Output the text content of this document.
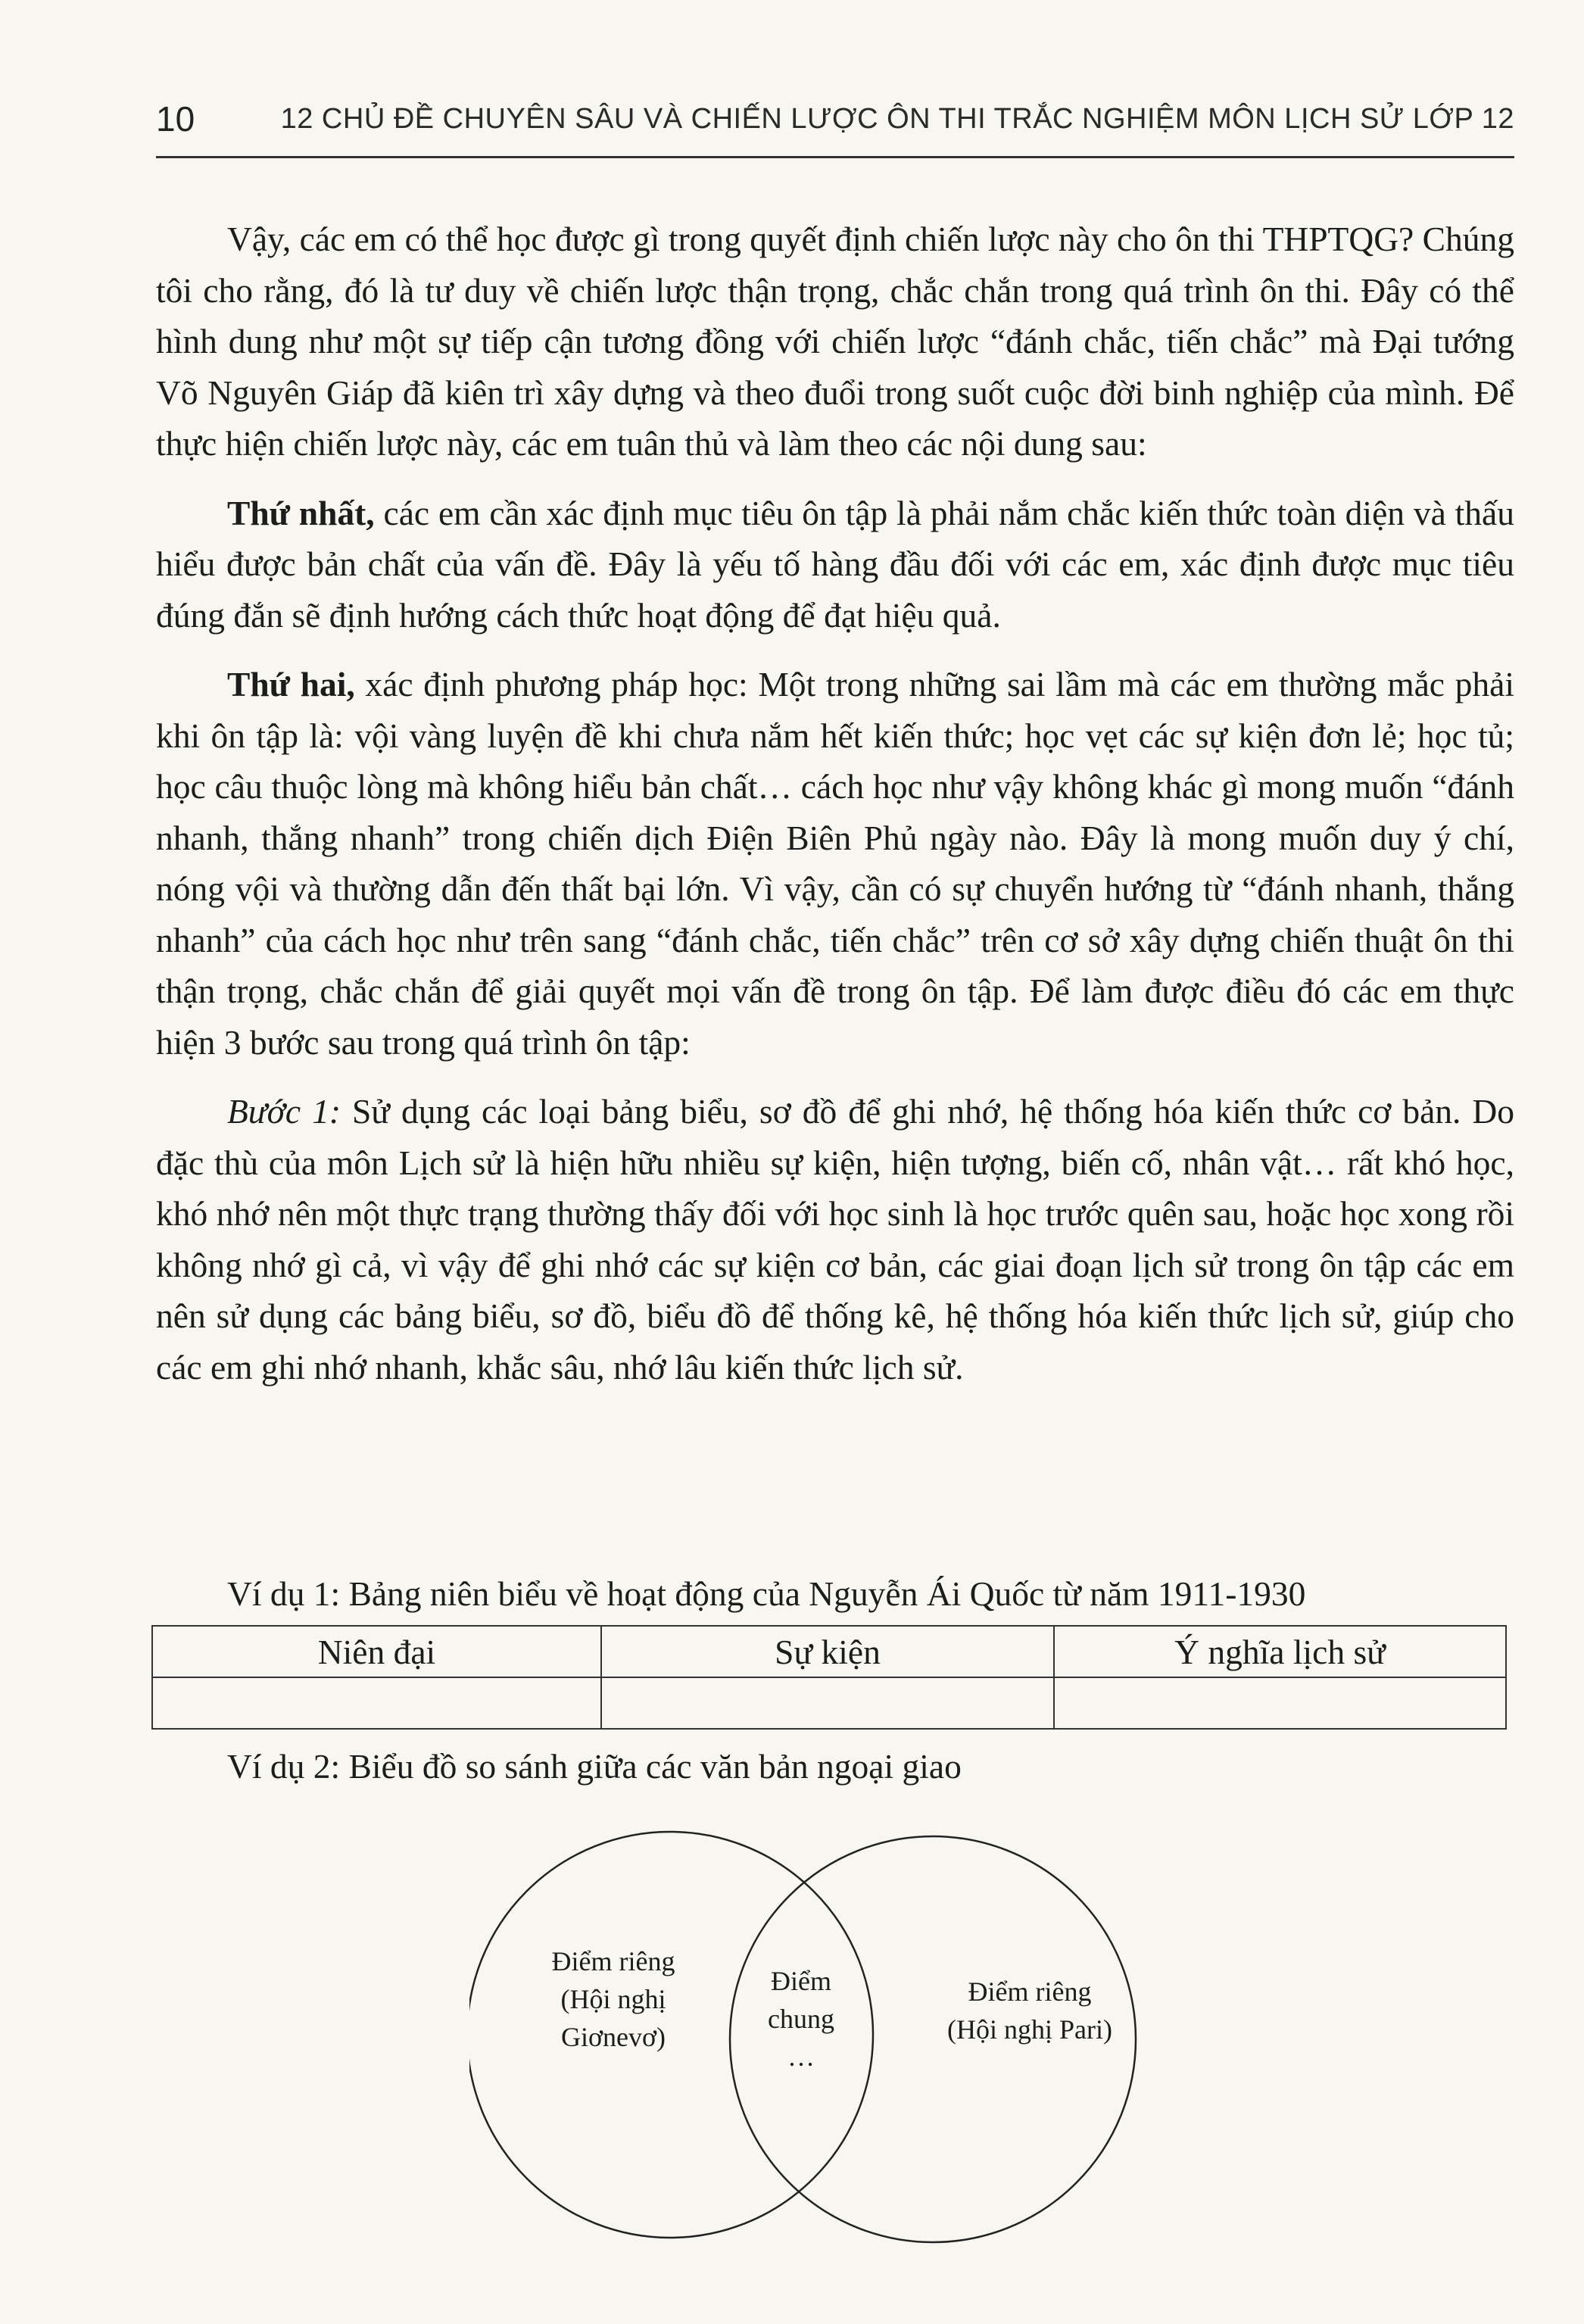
10	12 CHỦ ĐỀ CHUYÊN SÂU VÀ CHIẾN LƯỢC ÔN THI TRẮC NGHIỆM MÔN LỊCH SỬ LỚP 12

Vậy, các em có thể học được gì trong quyết định chiến lược này cho ôn thi THPTQG? Chúng tôi cho rằng, đó là tư duy về chiến lược thận trọng, chắc chắn trong quá trình ôn thi. Đây có thể hình dung như một sự tiếp cận tương đồng với chiến lược “đánh chắc, tiến chắc” mà Đại tướng Võ Nguyên Giáp đã kiên trì xây dựng và theo đuổi trong suốt cuộc đời binh nghiệp của mình. Để thực hiện chiến lược này, các em tuân thủ và làm theo các nội dung sau:

Thứ nhất, các em cần xác định mục tiêu ôn tập là phải nắm chắc kiến thức toàn diện và thấu hiểu được bản chất của vấn đề. Đây là yếu tố hàng đầu đối với các em, xác định được mục tiêu đúng đắn sẽ định hướng cách thức hoạt động để đạt hiệu quả.

Thứ hai, xác định phương pháp học: Một trong những sai lầm mà các em thường mắc phải khi ôn tập là: vội vàng luyện đề khi chưa nắm hết kiến thức; học vẹt các sự kiện đơn lẻ; học tủ; học câu thuộc lòng mà không hiểu bản chất… cách học như vậy không khác gì mong muốn “đánh nhanh, thắng nhanh” trong chiến dịch Điện Biên Phủ ngày nào. Đây là mong muốn duy ý chí, nóng vội và thường dẫn đến thất bại lớn. Vì vậy, cần có sự chuyển hướng từ “đánh nhanh, thắng nhanh” của cách học như trên sang “đánh chắc, tiến chắc” trên cơ sở xây dựng chiến thuật ôn thi thận trọng, chắc chắn để giải quyết mọi vấn đề trong ôn tập. Để làm được điều đó các em thực hiện 3 bước sau trong quá trình ôn tập:

Bước 1: Sử dụng các loại bảng biểu, sơ đồ để ghi nhớ, hệ thống hóa kiến thức cơ bản. Do đặc thù của môn Lịch sử là hiện hữu nhiều sự kiện, hiện tượng, biến cố, nhân vật… rất khó học, khó nhớ nên một thực trạng thường thấy đối với học sinh là học trước quên sau, hoặc học xong rồi không nhớ gì cả, vì vậy để ghi nhớ các sự kiện cơ bản, các giai đoạn lịch sử trong ôn tập các em nên sử dụng các bảng biểu, sơ đồ, biểu đồ để thống kê, hệ thống hóa kiến thức lịch sử, giúp cho các em ghi nhớ nhanh, khắc sâu, nhớ lâu kiến thức lịch sử.

Ví dụ 1: Bảng niên biểu về hoạt động của Nguyễn Ái Quốc từ năm 1911-1930
Niên đại	Sự kiện	Ý nghĩa lịch sử
Ví dụ 2: Biểu đồ so sánh giữa các văn bản ngoại giao
Điểm riêng
(Hội nghị
Giơnevơ)
Điểm
chung
…
Điểm riêng
(Hội nghị Pari)
